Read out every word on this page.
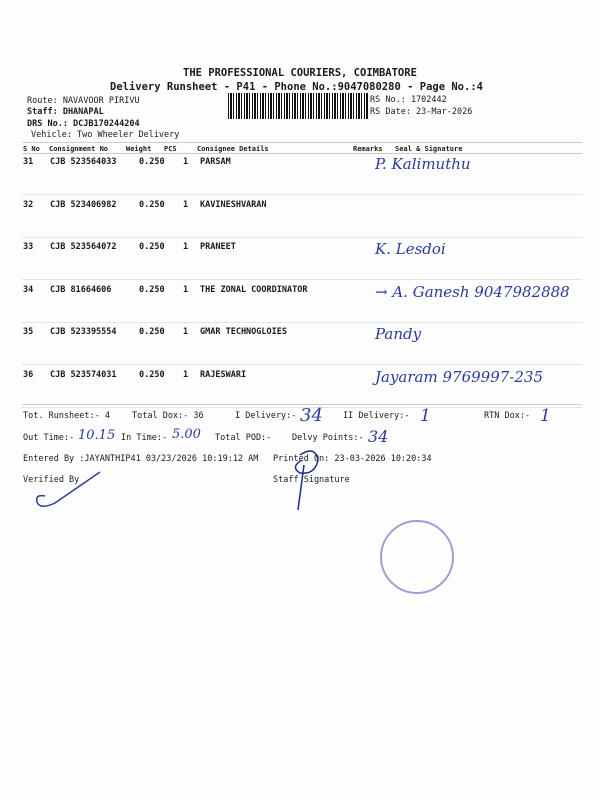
THE PROFESSIONAL COURIERS, COIMBATORE
Delivery Runsheet - P41 - Phone No.:9047080280 - Page No.:4
Route: NAVAVOOR PIRIVU
Staff: DHANAPAL
DRS No.: DCJB170244204
Vehicle: Two Wheeler Delivery
RS No.: 1702442
RS Date: 23-Mar-2026
S No Consignment No	Weight PCS	Consignee Details	Remarks Seal & Signature
31 CJB 523564033	0.250 1 PARSAM	P. Kalimuthu
32 CJB 523406982	0.250 1 KAVINESHVARAN
33 CJB 523564072	0.250 1 PRANEET	K. Lesdoi
34 CJB 81664606	0.250 1 THE ZONAL COORDINATOR	→ A. Ganesh 9047982888
35 CJB 523395554	0.250 1 GMAR TECHNOGLOIES	Pandy
36 CJB 523574031	0.250 1 RAJESWARI	Jayaram 9769997-235
Tot. Runsheet:- 4	Total Dox:- 36	I Delivery:- 34 II Delivery:- 1	RTN Dox:- 1
Out Time:- 10.15 In Time:- 5.00 Total POD:- Delvy Points:- 34
Entered By :JAYANTHIP41 03/23/2026 10:19:12 AM Printed On: 23-03-2026 10:20:34
Verified By	Staff Signature
